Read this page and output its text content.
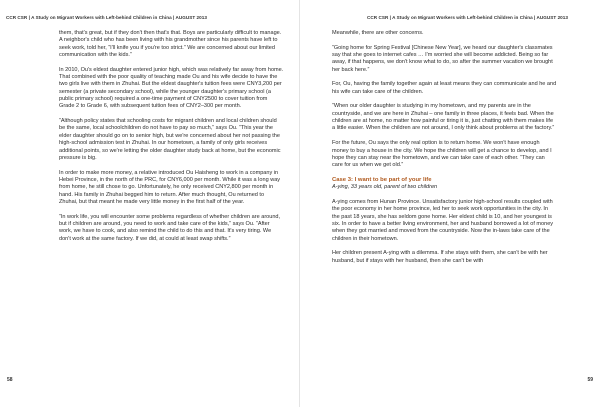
CCR CSR | A Study on Migrant Workers with Left-behind Children in China | AUGUST 2013

them, that's great, but if they don't then that's that. Boys are particularly difficult to manage. A neighbor's child who has been living with his grandmother since his parents have left to seek work, told her, “I'll knife you if you're too strict.” We are concerned about our limited communication with the kids.”

In 2010, Ou's eldest daughter entered junior high, which was relatively far away from home. That combined with the poor quality of teaching made Ou and his wife decide to have the two girls live with them in Zhuhai. But the eldest daughter's tuition fees were CNY3,200 per semester (a private secondary school), while the younger daughter's primary school (a public primary school) required a one-time payment of CNY2500 to cover tuition from Grade 2 to Grade 6, with subsequent tuition fees of CNY2–300 per month.

“Although policy states that schooling costs for migrant children and local children should be the same, local schoolchildren do not have to pay so much,” says Ou. “This year the elder daughter should go on to senior high, but we're concerned about her not passing the high-school admission test in Zhuhai. In our hometown, a family of only girls receives additional points, so we're letting the older daughter study back at home, but the economic pressure is big.

In order to make more money, a relative introduced Ou Haisheng to work in a company in Hebei Province, in the north of the PRC, for CNY6,000 per month. While it was a long way from home, he still chose to go. Unfortunately, he only received CNY2,800 per month in hand. His family in Zhuhai begged him to return. After much thought, Ou returned to Zhuhai, but that meant he made very little money in the first half of the year.

“In work life, you will encounter some problems regardless of whether children are around, but if children are around, you need to work and take care of the kids,” says Ou. “After work, we have to cook, and also remind the child to do this and that. It's very tiring. We don't work at the same factory. If we did, at could at least swap shifts.”

58
CCR CSR | A Study on Migrant Workers with Left-behind Children in China | AUGUST 2013

Meanwhile, there are other concerns.

“Going home for Spring Festival [Chinese New Year], we heard our daughter's classmates say that she goes to internet cafes … I'm worried she will become addicted. Being so far away, if that happens, we don't know what to do, so after the summer vacation we brought her back here.”

For, Ou, having the family together again at least means they can communicate and he and his wife can take care of the children.

“When our older daughter is studying in my hometown, and my parents are in the countryside, and we are here in Zhuhai – one family in three places, it feels bad. When the children are at home, no matter how painful or tiring it is, just chatting with them makes life a little easier. When the children are not around, I only think about problems at the factory.”

For the future, Ou says the only real option is to return home. We won't have enough money to buy a house in the city. We hope the children will get a chance to develop, and I hope they can stay near the hometown, and we can take care of each other. “They can care for us when we get old.”

Case 3: I want to be part of your life

A-ying, 33 years old, parent of two children

A-ying comes from Hunan Province. Unsatisfactory junior high-school results coupled with the poor economy in her home province, led her to seek work opportunities in the city. In the past 18 years, she has seldom gone home. Her eldest child is 10, and her youngest is six. In order to have a better living environment, her and husband borrowed a lot of money when they got married and moved from the countryside. Now the in-laws take care of the children in their hometown.

Her children present A-ying with a dilemma. If she stays with them, she can't be with her husband, but if stays with her husband, then she can't be with

59
